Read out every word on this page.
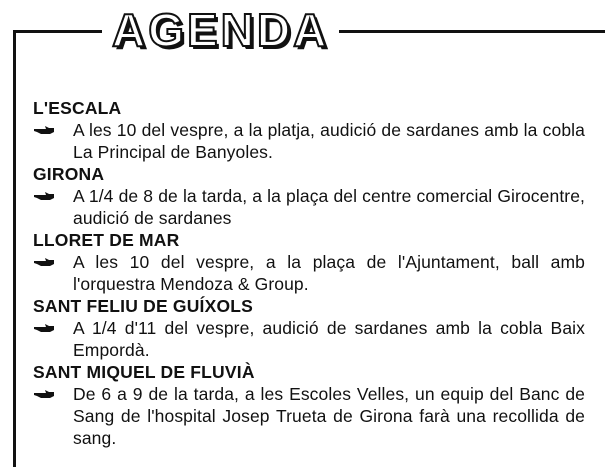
AGENDA
L'ESCALA
A les 10 del vespre, a la platja, audició de sardanes amb la cobla La Principal de Banyoles.
GIRONA
A 1/4 de 8 de la tarda, a la plaça del centre comercial Girocentre, audició de sardanes
LLORET DE MAR
A les 10 del vespre, a la plaça de l'Ajuntament, ball amb l'orquestra Mendoza & Group.
SANT FELIU DE GUÍXOLS
A 1/4 d'11 del vespre, audició de sardanes amb la cobla Baix Empordà.
SANT MIQUEL DE FLUVIÀ
De 6 a 9 de la tarda, a les Escoles Velles, un equip del Banc de Sang de l'hospital Josep Trueta de Girona farà una recollida de sang.
